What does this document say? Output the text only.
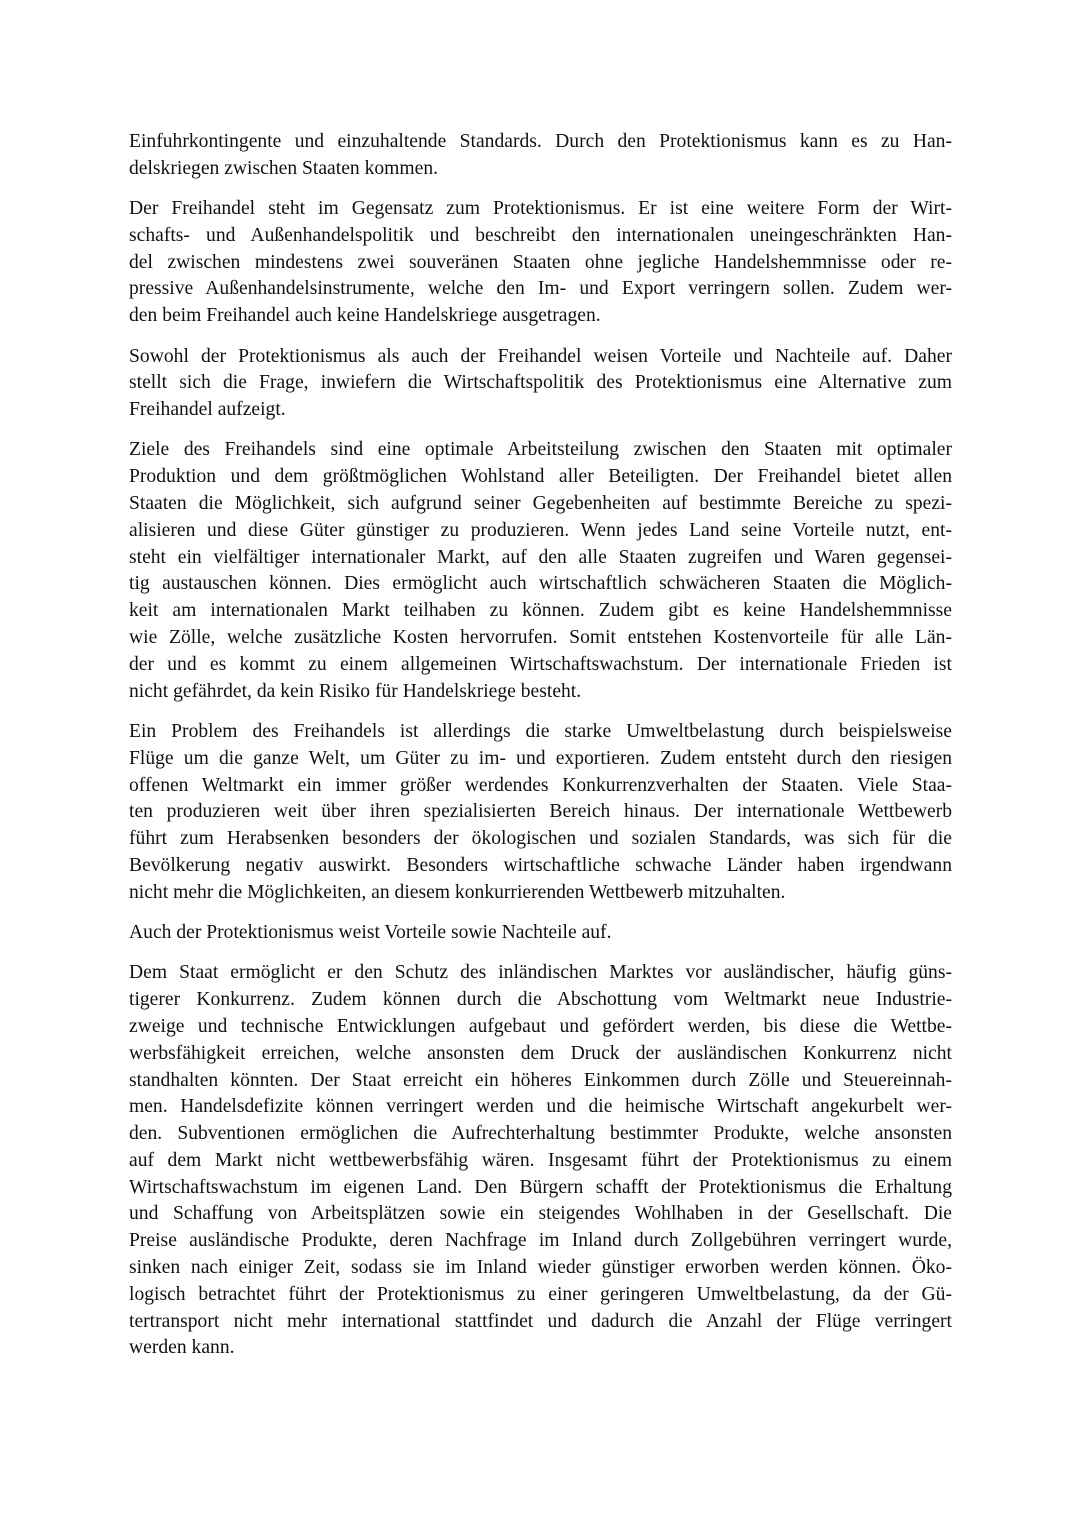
Einfuhrkontingente und einzuhaltende Standards. Durch den Protektionismus kann es zu Han-
delskriegen zwischen Staaten kommen.
Der Freihandel steht im Gegensatz zum Protektionismus. Er ist eine weitere Form der Wirt-
schafts- und Außenhandelspolitik und beschreibt den internationalen uneingeschränkten Han-
del zwischen mindestens zwei souveränen Staaten ohne jegliche Handelshemmnisse oder re-
pressive Außenhandelsinstrumente, welche den Im- und Export verringern sollen. Zudem wer-
den beim Freihandel auch keine Handelskriege ausgetragen.
Sowohl der Protektionismus als auch der Freihandel weisen Vorteile und Nachteile auf. Daher
stellt sich die Frage, inwiefern die Wirtschaftspolitik des Protektionismus eine Alternative zum
Freihandel aufzeigt.
Ziele des Freihandels sind eine optimale Arbeitsteilung zwischen den Staaten mit optimaler
Produktion und dem größtmöglichen Wohlstand aller Beteiligten. Der Freihandel bietet allen
Staaten die Möglichkeit, sich aufgrund seiner Gegebenheiten auf bestimmte Bereiche zu spezi-
alisieren und diese Güter günstiger zu produzieren. Wenn jedes Land seine Vorteile nutzt, ent-
steht ein vielfältiger internationaler Markt, auf den alle Staaten zugreifen und Waren gegensei-
tig austauschen können. Dies ermöglicht auch wirtschaftlich schwächeren Staaten die Möglich-
keit am internationalen Markt teilhaben zu können. Zudem gibt es keine Handelshemmnisse
wie Zölle, welche zusätzliche Kosten hervorrufen. Somit entstehen Kostenvorteile für alle Län-
der und es kommt zu einem allgemeinen Wirtschaftswachstum. Der internationale Frieden ist
nicht gefährdet, da kein Risiko für Handelskriege besteht.
Ein Problem des Freihandels ist allerdings die starke Umweltbelastung durch beispielsweise
Flüge um die ganze Welt, um Güter zu im- und exportieren. Zudem entsteht durch den riesigen
offenen Weltmarkt ein immer größer werdendes Konkurrenzverhalten der Staaten. Viele Staa-
ten produzieren weit über ihren spezialisierten Bereich hinaus. Der internationale Wettbewerb
führt zum Herabsenken besonders der ökologischen und sozialen Standards, was sich für die
Bevölkerung negativ auswirkt. Besonders wirtschaftliche schwache Länder haben irgendwann
nicht mehr die Möglichkeiten, an diesem konkurrierenden Wettbewerb mitzuhalten.
Auch der Protektionismus weist Vorteile sowie Nachteile auf.
Dem Staat ermöglicht er den Schutz des inländischen Marktes vor ausländischer, häufig güns-
tigerer Konkurrenz. Zudem können durch die Abschottung vom Weltmarkt neue Industrie-
zweige und technische Entwicklungen aufgebaut und gefördert werden, bis diese die Wettbe-
werbsfähigkeit erreichen, welche ansonsten dem Druck der ausländischen Konkurrenz nicht
standhalten könnten. Der Staat erreicht ein höheres Einkommen durch Zölle und Steuereinnah-
men. Handelsdefizite können verringert werden und die heimische Wirtschaft angekurbelt wer-
den. Subventionen ermöglichen die Aufrechterhaltung bestimmter Produkte, welche ansonsten
auf dem Markt nicht wettbewerbsfähig wären. Insgesamt führt der Protektionismus zu einem
Wirtschaftswachstum im eigenen Land. Den Bürgern schafft der Protektionismus die Erhaltung
und Schaffung von Arbeitsplätzen sowie ein steigendes Wohlhaben in der Gesellschaft. Die
Preise ausländische Produkte, deren Nachfrage im Inland durch Zollgebühren verringert wurde,
sinken nach einiger Zeit, sodass sie im Inland wieder günstiger erworben werden können. Öko-
logisch betrachtet führt der Protektionismus zu einer geringeren Umweltbelastung, da der Gü-
tertransport nicht mehr international stattfindet und dadurch die Anzahl der Flüge verringert
werden kann.
